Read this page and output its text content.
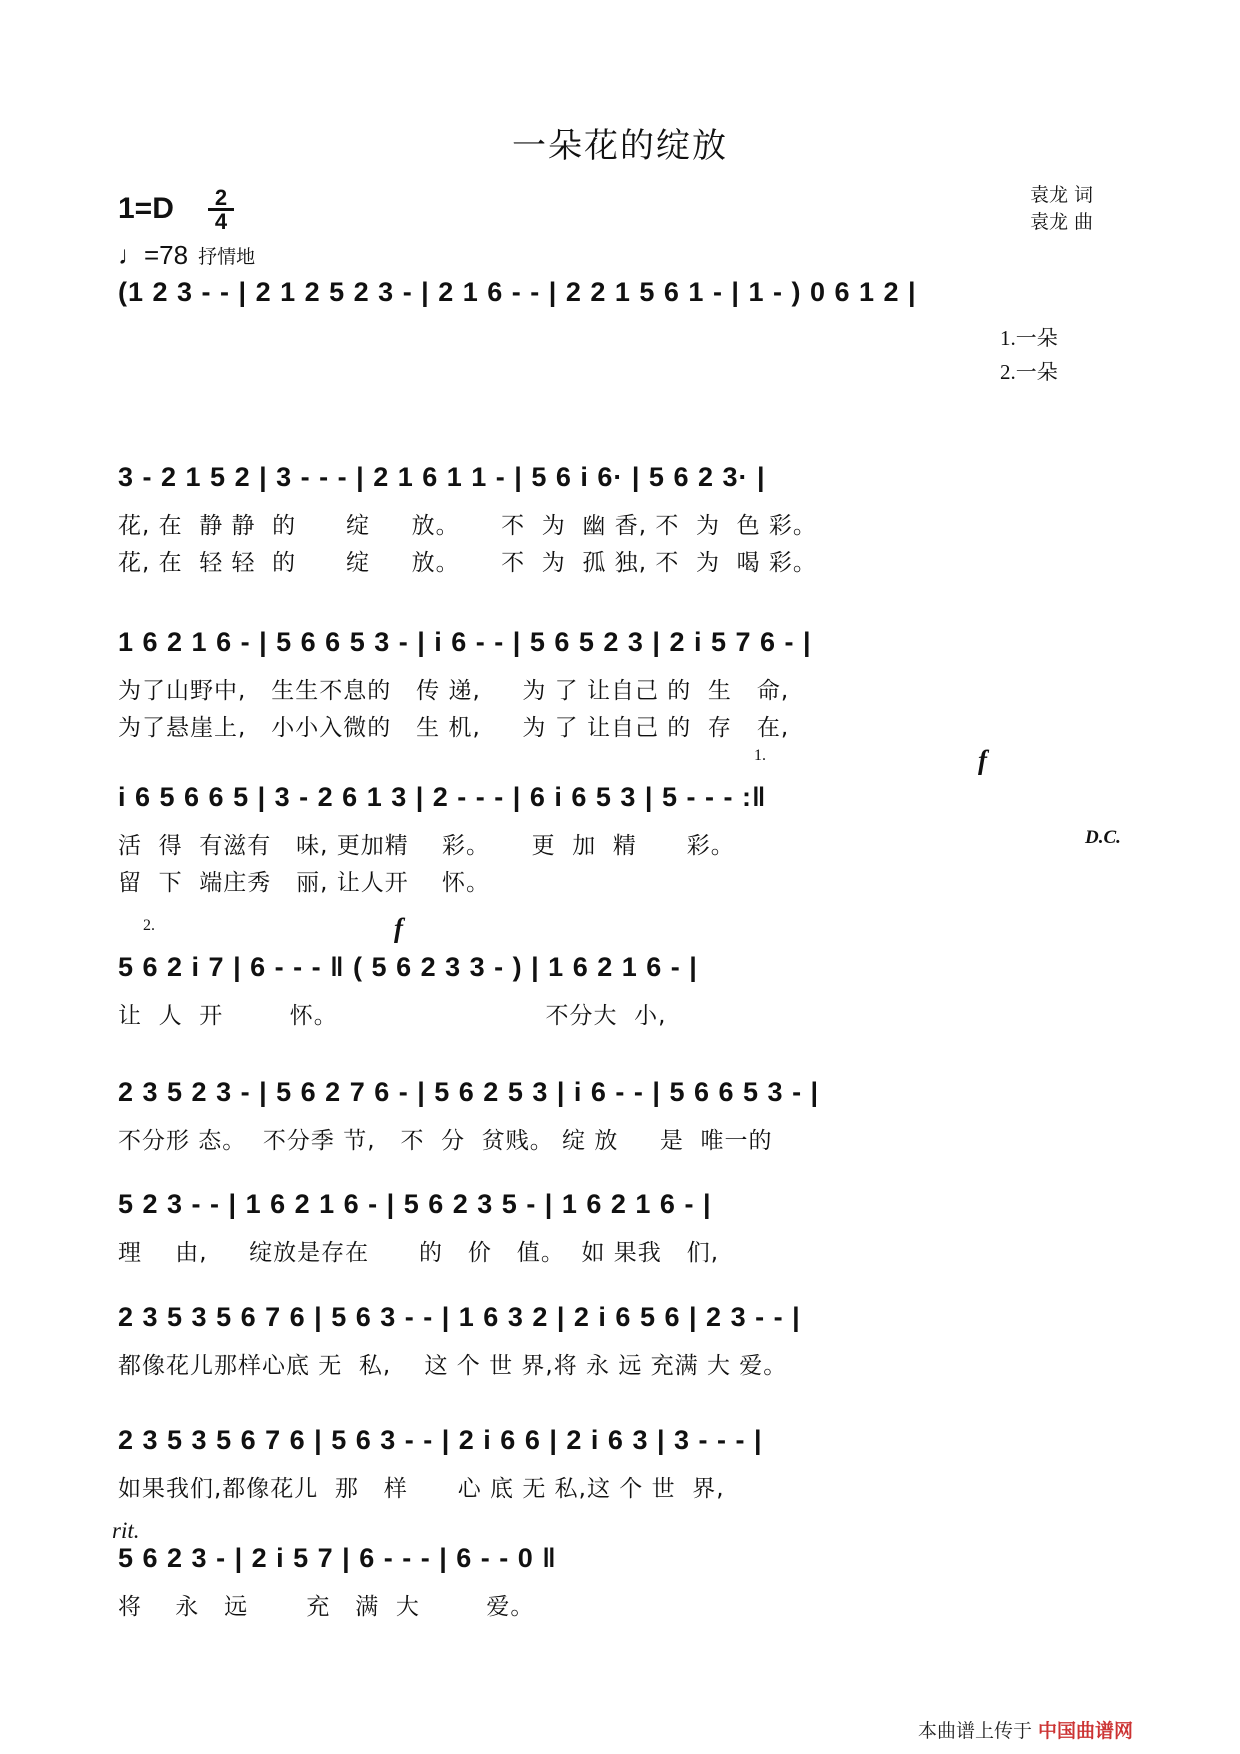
一朵花的绽放
1=D	2
4
♩ =78 抒情地
袁龙 词
袁龙 曲
(1 2 3 - - | 2 1 2 5 2 3 - | 2 1 6 - - | 2 2 1 5 6 1 - | 1 - ) 0 6 1 2 |
1.一朵
2.一朵
3 - 2 1 5 2 | 3 - - - | 2 1 6 1 1 - | 5 6 i 6· | 5 6 2 3· |
花, 在  静 静  的      绽     放。     不  为  幽 香, 不  为  色 彩。
花, 在  轻 轻  的      绽     放。     不  为  孤 独, 不  为  喝 彩。
1 6 2 1 6 - | 5 6 6 5 3 - | i 6 - - | 5 6 5 2 3 | 2 i 5 7 6 - |
为了山野中,   生生不息的   传 递,     为 了 让自己 的  生   命,
为了悬崖上,   小小入微的   生 机,     为 了 让自己 的  存   在,
1.	f
i 6 5 6 6 5 | 3 - 2 6 1 3 | 2 - - - | 6 i 6 5 3 | 5 - - - :‖
活  得  有滋有   味, 更加精    彩。     更  加  精      彩。
留  下  端庄秀   丽, 让人开    怀。
D.C.
2.	f
5 6 2 i 7 | 6 - - - ‖ ( 5 6 2 3 3 - ) | 1 6 2 1 6 - |
让  人  开        怀。                         不分大  小,
2 3 5 2 3 - | 5 6 2 7 6 - | 5 6 2 5 3 | i 6 - - | 5 6 6 5 3 - |
不分形 态。  不分季 节,   不  分  贫贱。 绽 放     是  唯一的
5 2 3 - - | 1 6 2 1 6 - | 5 6 2 3 5 - | 1 6 2 1 6 - |
理    由,     绽放是存在      的   价   值。  如 果我   们,
2 3 5 3 5 6 7 6 | 5 6 3 - - | 1 6 3 2 | 2 i 6 5 6 | 2 3 - - |
都像花儿那样心底 无  私,    这 个 世 界,将 永 远 充满 大 爱。
2 3 5 3 5 6 7 6 | 5 6 3 - - | 2 i 6 6 | 2 i 6 3 | 3 - - - |
如果我们,都像花儿  那   样      心 底 无 私,这 个 世  界,
rit.
5 6 2 3 - | 2 i 5 7 | 6 - - - | 6 - - 0 ‖
将    永   远       充   满  大        爱。
本曲谱上传于 中国曲谱网
